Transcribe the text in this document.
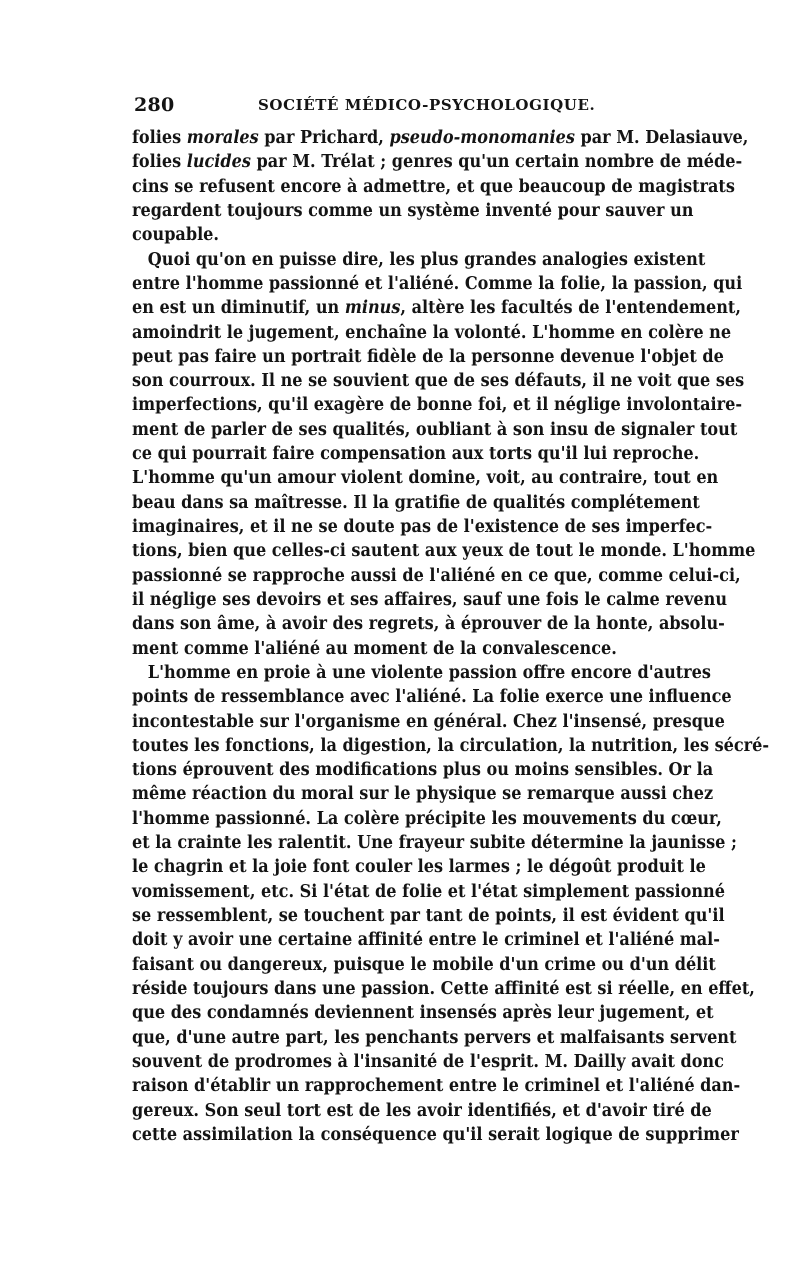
280	SOCIÉTÉ MÉDICO-PSYCHOLOGIQUE.
folies morales par Prichard, pseudo-monomanies par M. Delasiauve,
folies lucides par M. Trélat ; genres qu'un certain nombre de méde-
cins se refusent encore à admettre, et que beaucoup de magistrats
regardent toujours comme un système inventé pour sauver un
coupable.
Quoi qu'on en puisse dire, les plus grandes analogies existent
entre l'homme passionné et l'aliéné. Comme la folie, la passion, qui
en est un diminutif, un minus, altère les facultés de l'entendement,
amoindrit le jugement, enchaîne la volonté. L'homme en colère ne
peut pas faire un portrait fidèle de la personne devenue l'objet de
son courroux. Il ne se souvient que de ses défauts, il ne voit que ses
imperfections, qu'il exagère de bonne foi, et il néglige involontaire-
ment de parler de ses qualités, oubliant à son insu de signaler tout
ce qui pourrait faire compensation aux torts qu'il lui reproche.
L'homme qu'un amour violent domine, voit, au contraire, tout en
beau dans sa maîtresse. Il la gratifie de qualités complétement
imaginaires, et il ne se doute pas de l'existence de ses imperfec-
tions, bien que celles-ci sautent aux yeux de tout le monde. L'homme
passionné se rapproche aussi de l'aliéné en ce que, comme celui-ci,
il néglige ses devoirs et ses affaires, sauf une fois le calme revenu
dans son âme, à avoir des regrets, à éprouver de la honte, absolu-
ment comme l'aliéné au moment de la convalescence.
L'homme en proie à une violente passion offre encore d'autres
points de ressemblance avec l'aliéné. La folie exerce une influence
incontestable sur l'organisme en général. Chez l'insensé, presque
toutes les fonctions, la digestion, la circulation, la nutrition, les sécré-
tions éprouvent des modifications plus ou moins sensibles. Or la
même réaction du moral sur le physique se remarque aussi chez
l'homme passionné. La colère précipite les mouvements du cœur,
et la crainte les ralentit. Une frayeur subite détermine la jaunisse ;
le chagrin et la joie font couler les larmes ; le dégoût produit le
vomissement, etc. Si l'état de folie et l'état simplement passionné
se ressemblent, se touchent par tant de points, il est évident qu'il
doit y avoir une certaine affinité entre le criminel et l'aliéné mal-
faisant ou dangereux, puisque le mobile d'un crime ou d'un délit
réside toujours dans une passion. Cette affinité est si réelle, en effet,
que des condamnés deviennent insensés après leur jugement, et
que, d'une autre part, les penchants pervers et malfaisants servent
souvent de prodromes à l'insanité de l'esprit. M. Dailly avait donc
raison d'établir un rapprochement entre le criminel et l'aliéné dan-
gereux. Son seul tort est de les avoir identifiés, et d'avoir tiré de
cette assimilation la conséquence qu'il serait logique de supprimer
